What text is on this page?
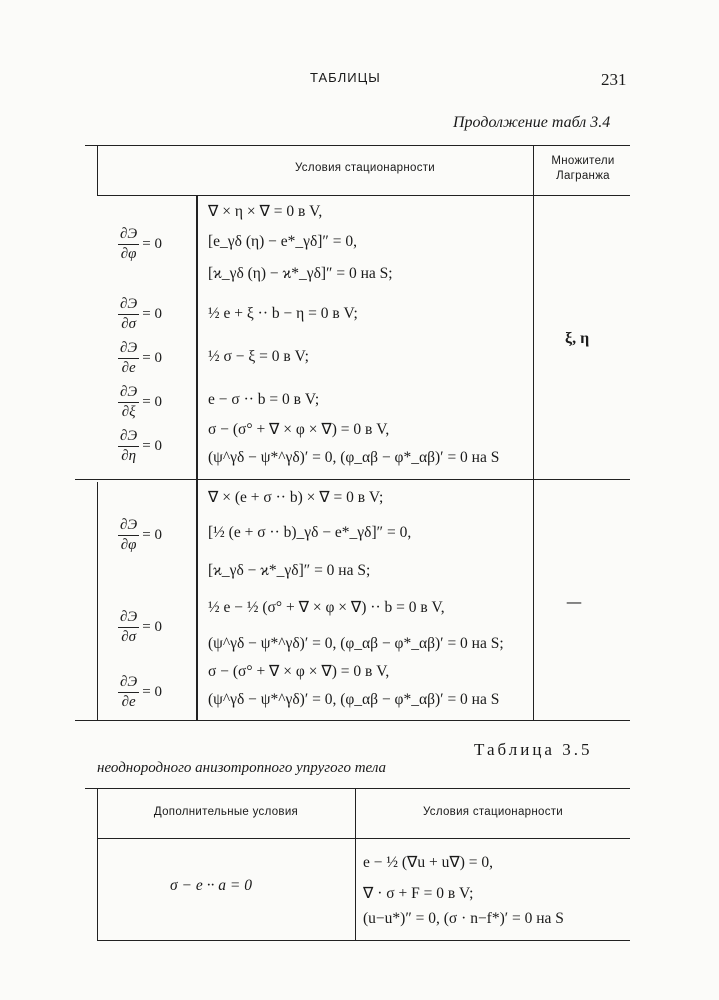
ТАБЛИЦЫ	231
Продолжение табл 3.4
Условия стационарности
Множители
Лагранжа
$\frac{\partial Э}{\partial\varphi} = 0$
$\frac{\partial Э}{\partial\sigma} = 0$
$\frac{\partial Э}{\partial e} = 0$
$\frac{\partial Э}{\partial\xi} = 0$
$\frac{\partial Э}{\partial\eta} = 0$
∇ × η × ∇ = 0 в V,
[e_γδ (η) − e*_γδ]″ = 0,
[ϰ_γδ (η) − ϰ*_γδ]″ = 0 на S;
½ e + ξ ·· b − η = 0 в V;
½ σ − ξ = 0 в V;
e − σ ·· b = 0 в V;
σ − (σ° + ∇ × φ × ∇) = 0 в V,
(ψ^γδ − ψ*^γδ)′ = 0, (φ_αβ − φ*_αβ)′ = 0 на S
ξ, η
$\frac{\partial Э}{\partial\varphi} = 0$
$\frac{\partial Э}{\partial\sigma} = 0$
$\frac{\partial Э}{\partial e} = 0$
∇ × (e + σ ·· b) × ∇ = 0 в V;
[½ (e + σ ·· b)_γδ − e*_γδ]″ = 0,
[ϰ_γδ − ϰ*_γδ]″ = 0 на S;
½ e − ½ (σ° + ∇ × φ × ∇) ·· b = 0 в V,
(ψ^γδ − ψ*^γδ)′ = 0, (φ_αβ − φ*_αβ)′ = 0 на S;
σ − (σ° + ∇ × φ × ∇) = 0 в V,
(ψ^γδ − ψ*^γδ)′ = 0, (φ_αβ − φ*_αβ)′ = 0 на S
—
Таблица 3.5
неоднородного анизотропного упругого тела
Дополнительные условия	Условия стационарности
σ − e ·· a = 0
e − ½ (∇u + u∇) = 0,
∇ · σ + F = 0 в V;
(u−u*)″ = 0, (σ · n−f*)′ = 0 на S
